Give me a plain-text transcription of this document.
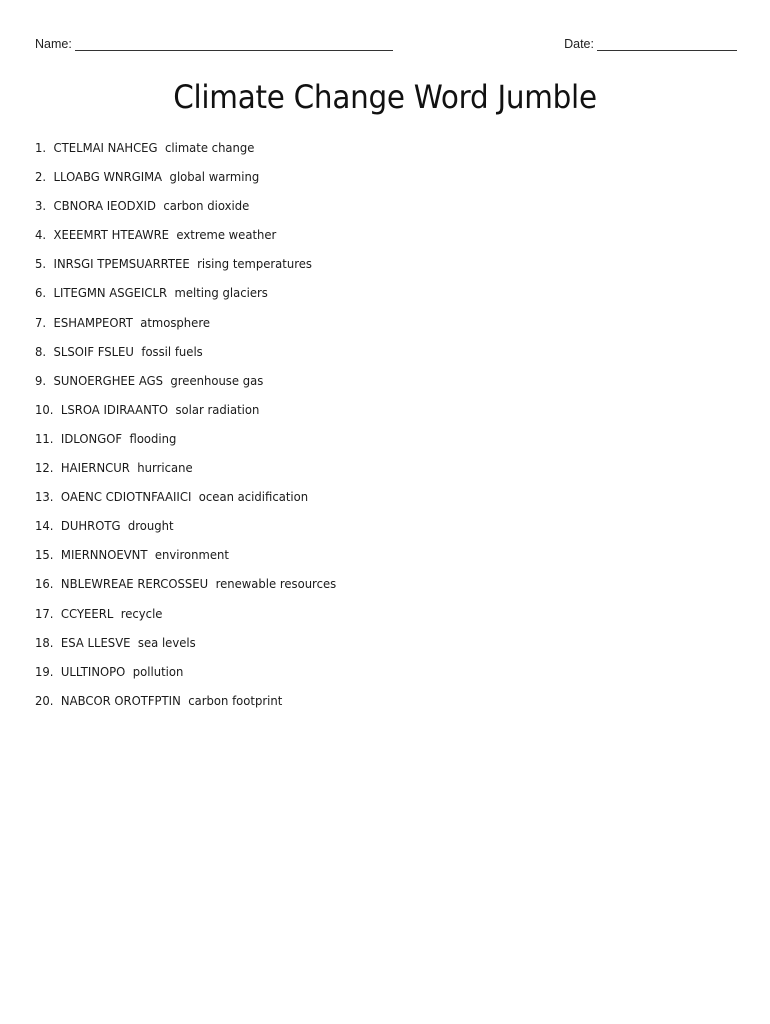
Name:	Date:
Climate Change Word Jumble
1. CTELMAI NAHCEG climate change
2. LLOABG WNRGIMA global warming
3. CBNORA IEODXID carbon dioxide
4. XEEEMRT HTEAWRE extreme weather
5. INRSGI TPEMSUARRTEE rising temperatures
6. LITEGMN ASGEICLR melting glaciers
7. ESHAMPEORT atmosphere
8. SLSOIF FSLEU fossil fuels
9. SUNOERGHEE AGS greenhouse gas
10. LSROA IDIRAANTO solar radiation
11. IDLONGOF flooding
12. HAIERNCUR hurricane
13. OAENC CDIOTNFAAIICI ocean acidification
14. DUHROTG drought
15. MIERNNOEVNT environment
16. NBLEWREAE RERCOSSEU renewable resources
17. CCYEERL recycle
18. ESA LLESVE sea levels
19. ULLTINOPO pollution
20. NABCOR OROTFPTIN carbon footprint
